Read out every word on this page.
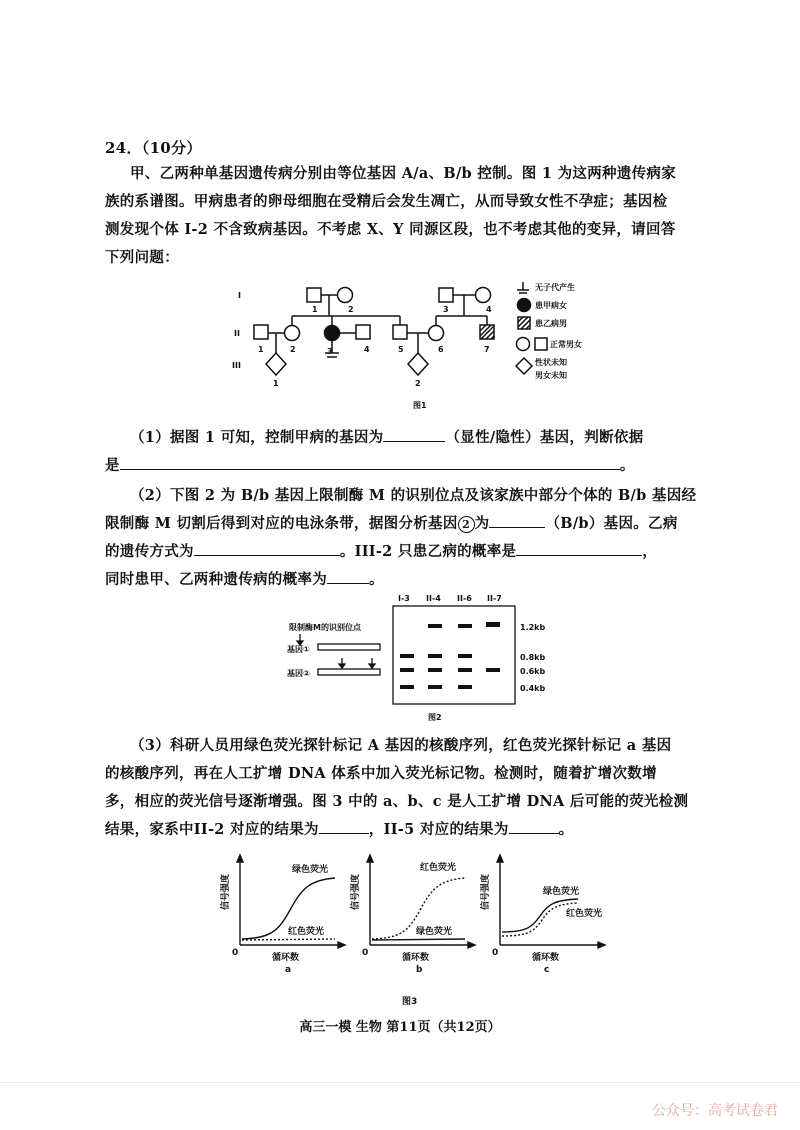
24．（10分）
甲、乙两种单基因遗传病分别由等位基因 A/a、B/b 控制。图 1 为这两种遗传病家
族的系谱图。甲病患者的卵母细胞在受精后会发生凋亡，从而导致女性不孕症；基因检
测发现个体 I-2 不含致病基因。不考虑 X、Y 同源区段，也不考虑其他的变异，请回答
下列问题：
I
II
III
1	2	3	4
1	2	3	4	5	6	7
1	2
无子代产生
患甲病女
患乙病男
正常男女
性状未知
男女未知
图1
（1）据图 1 可知，控制甲病的基因为	（显性/隐性）基因，判断依据
是	。
（2）下图 2 为 B/b 基因上限制酶 M 的识别位点及该家族中部分个体的 B/b 基因经
限制酶 M 切割后得到对应的电泳条带，据图分析基因 2 为	（B/b）基因。乙病
的遗传方式为	。III-2 只患乙病的概率是	，
同时患甲、乙两种遗传病的概率为	。
I-3 II-4 II-6 II-7
1.2kb
0.8kb
0.6kb
0.4kb
限制酶M的识别位点
基因①
基因②
图2
（3）科研人员用绿色荧光探针标记 A 基因的核酸序列，红色荧光探针标记 a 基因
的核酸序列，再在人工扩增 DNA 体系中加入荧光标记物。检测时，随着扩增次数增
多，相应的荧光信号逐渐增强。图 3 中的 a、b、c 是人工扩增 DNA 后可能的荧光检测
结果，家系中II-2 对应的结果为	，II-5 对应的结果为	。
信号强度	信号强度	信号强度
0	0	0
循环数	循环数	循环数
a	b	c
绿色荧光
红色荧光
红色荧光
绿色荧光
绿色荧光
红色荧光
图3
高三一模 生物 第11页（共12页）
公众号：高考试卷君
